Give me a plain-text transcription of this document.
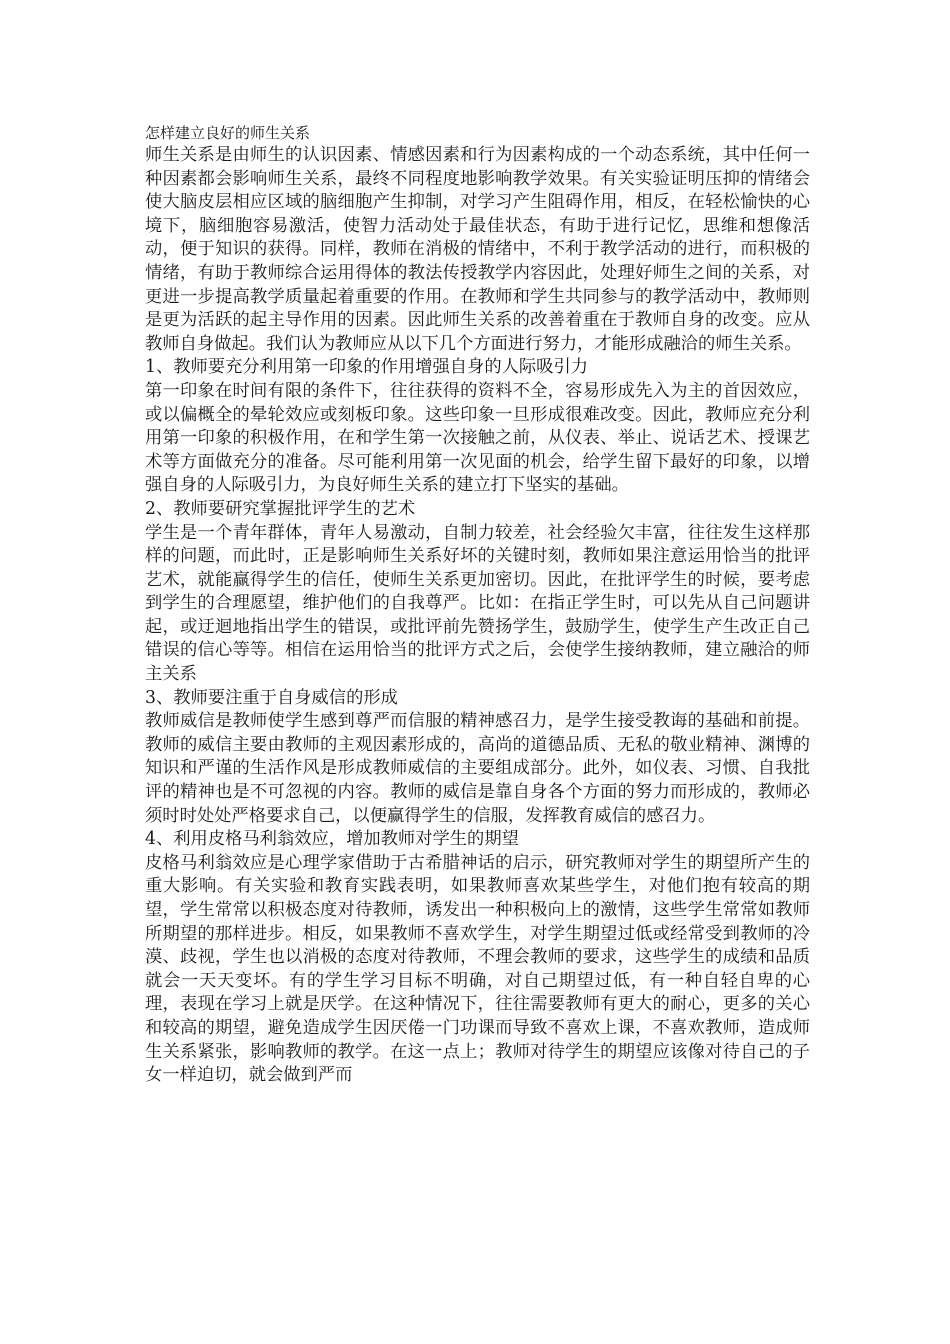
怎样建立良好的师生关系

师生关系是由师生的认识因素、情感因素和行为因素构成的一个动态系统，其中任何一种因素都会影响师生关系，最终不同程度地影响教学效果。有关实验证明压抑的情绪会使大脑皮层相应区域的脑细胞产生抑制，对学习产生阻碍作用，相反，在轻松愉快的心境下，脑细胞容易激活，使智力活动处于最佳状态，有助于进行记忆，思维和想像活动，便于知识的获得。同样，教师在消极的情绪中，不利于教学活动的进行，而积极的情绪，有助于教师综合运用得体的教法传授教学内容因此，处理好师生之间的关系，对更进一步提高教学质量起着重要的作用。在教师和学生共同参与的教学活动中，教师则是更为活跃的起主导作用的因素。因此师生关系的改善着重在于教师自身的改变。应从教师自身做起。我们认为教师应从以下几个方面进行努力，才能形成融洽的师生关系。

1、教师要充分利用第一印象的作用增强自身的人际吸引力

第一印象在时间有限的条件下，往往获得的资料不全，容易形成先入为主的首因效应，或以偏概全的晕轮效应或刻板印象。这些印象一旦形成很难改变。因此，教师应充分利用第一印象的积极作用，在和学生第一次接触之前，从仪表、举止、说话艺术、授课艺术等方面做充分的准备。尽可能利用第一次见面的机会，给学生留下最好的印象，以增强自身的人际吸引力，为良好师生关系的建立打下坚实的基础。

2、教师要研究掌握批评学生的艺术

学生是一个青年群体，青年人易激动，自制力较差，社会经验欠丰富，往往发生这样那样的问题，而此时，正是影响师生关系好坏的关键时刻，教师如果注意运用恰当的批评艺术，就能赢得学生的信任，使师生关系更加密切。因此，在批评学生的时候，要考虑到学生的合理愿望，维护他们的自我尊严。比如：在指正学生时，可以先从自己问题讲起，或迂迴地指出学生的错误，或批评前先赞扬学生，鼓励学生，使学生产生改正自己错误的信心等等。相信在运用恰当的批评方式之后，会使学生接纳教师，建立融洽的师主关系

3、教师要注重于自身威信的形成

教师威信是教师使学生感到尊严而信服的精神感召力，是学生接受教诲的基础和前提。教师的威信主要由教师的主观因素形成的，高尚的道德品质、无私的敬业精神、渊博的知识和严谨的生活作风是形成教师威信的主要组成部分。此外，如仪表、习惯、自我批评的精神也是不可忽视的内容。教师的威信是靠自身各个方面的努力而形成的，教师必须时时处处严格要求自己，以便赢得学生的信服，发挥教育威信的感召力。

4、利用皮格马利翁效应，增加教师对学生的期望

皮格马利翁效应是心理学家借助于古希腊神话的启示，研究教师对学生的期望所产生的重大影响。有关实验和教育实践表明，如果教师喜欢某些学生，对他们抱有较高的期望，学生常常以积极态度对待教师，诱发出一种积极向上的激情，这些学生常常如教师所期望的那样进步。相反，如果教师不喜欢学生，对学生期望过低或经常受到教师的冷漠、歧视，学生也以消极的态度对待教师，不理会教师的要求，这些学生的成绩和品质就会一天天变坏。有的学生学习目标不明确，对自己期望过低，有一种自轻自卑的心理，表现在学习上就是厌学。在这种情况下，往往需要教师有更大的耐心，更多的关心和较高的期望，避免造成学生因厌倦一门功课而导致不喜欢上课，不喜欢教师，造成师生关系紧张，影响教师的教学。在这一点上；教师对待学生的期望应该像对待自己的子女一样迫切，就会做到严而
